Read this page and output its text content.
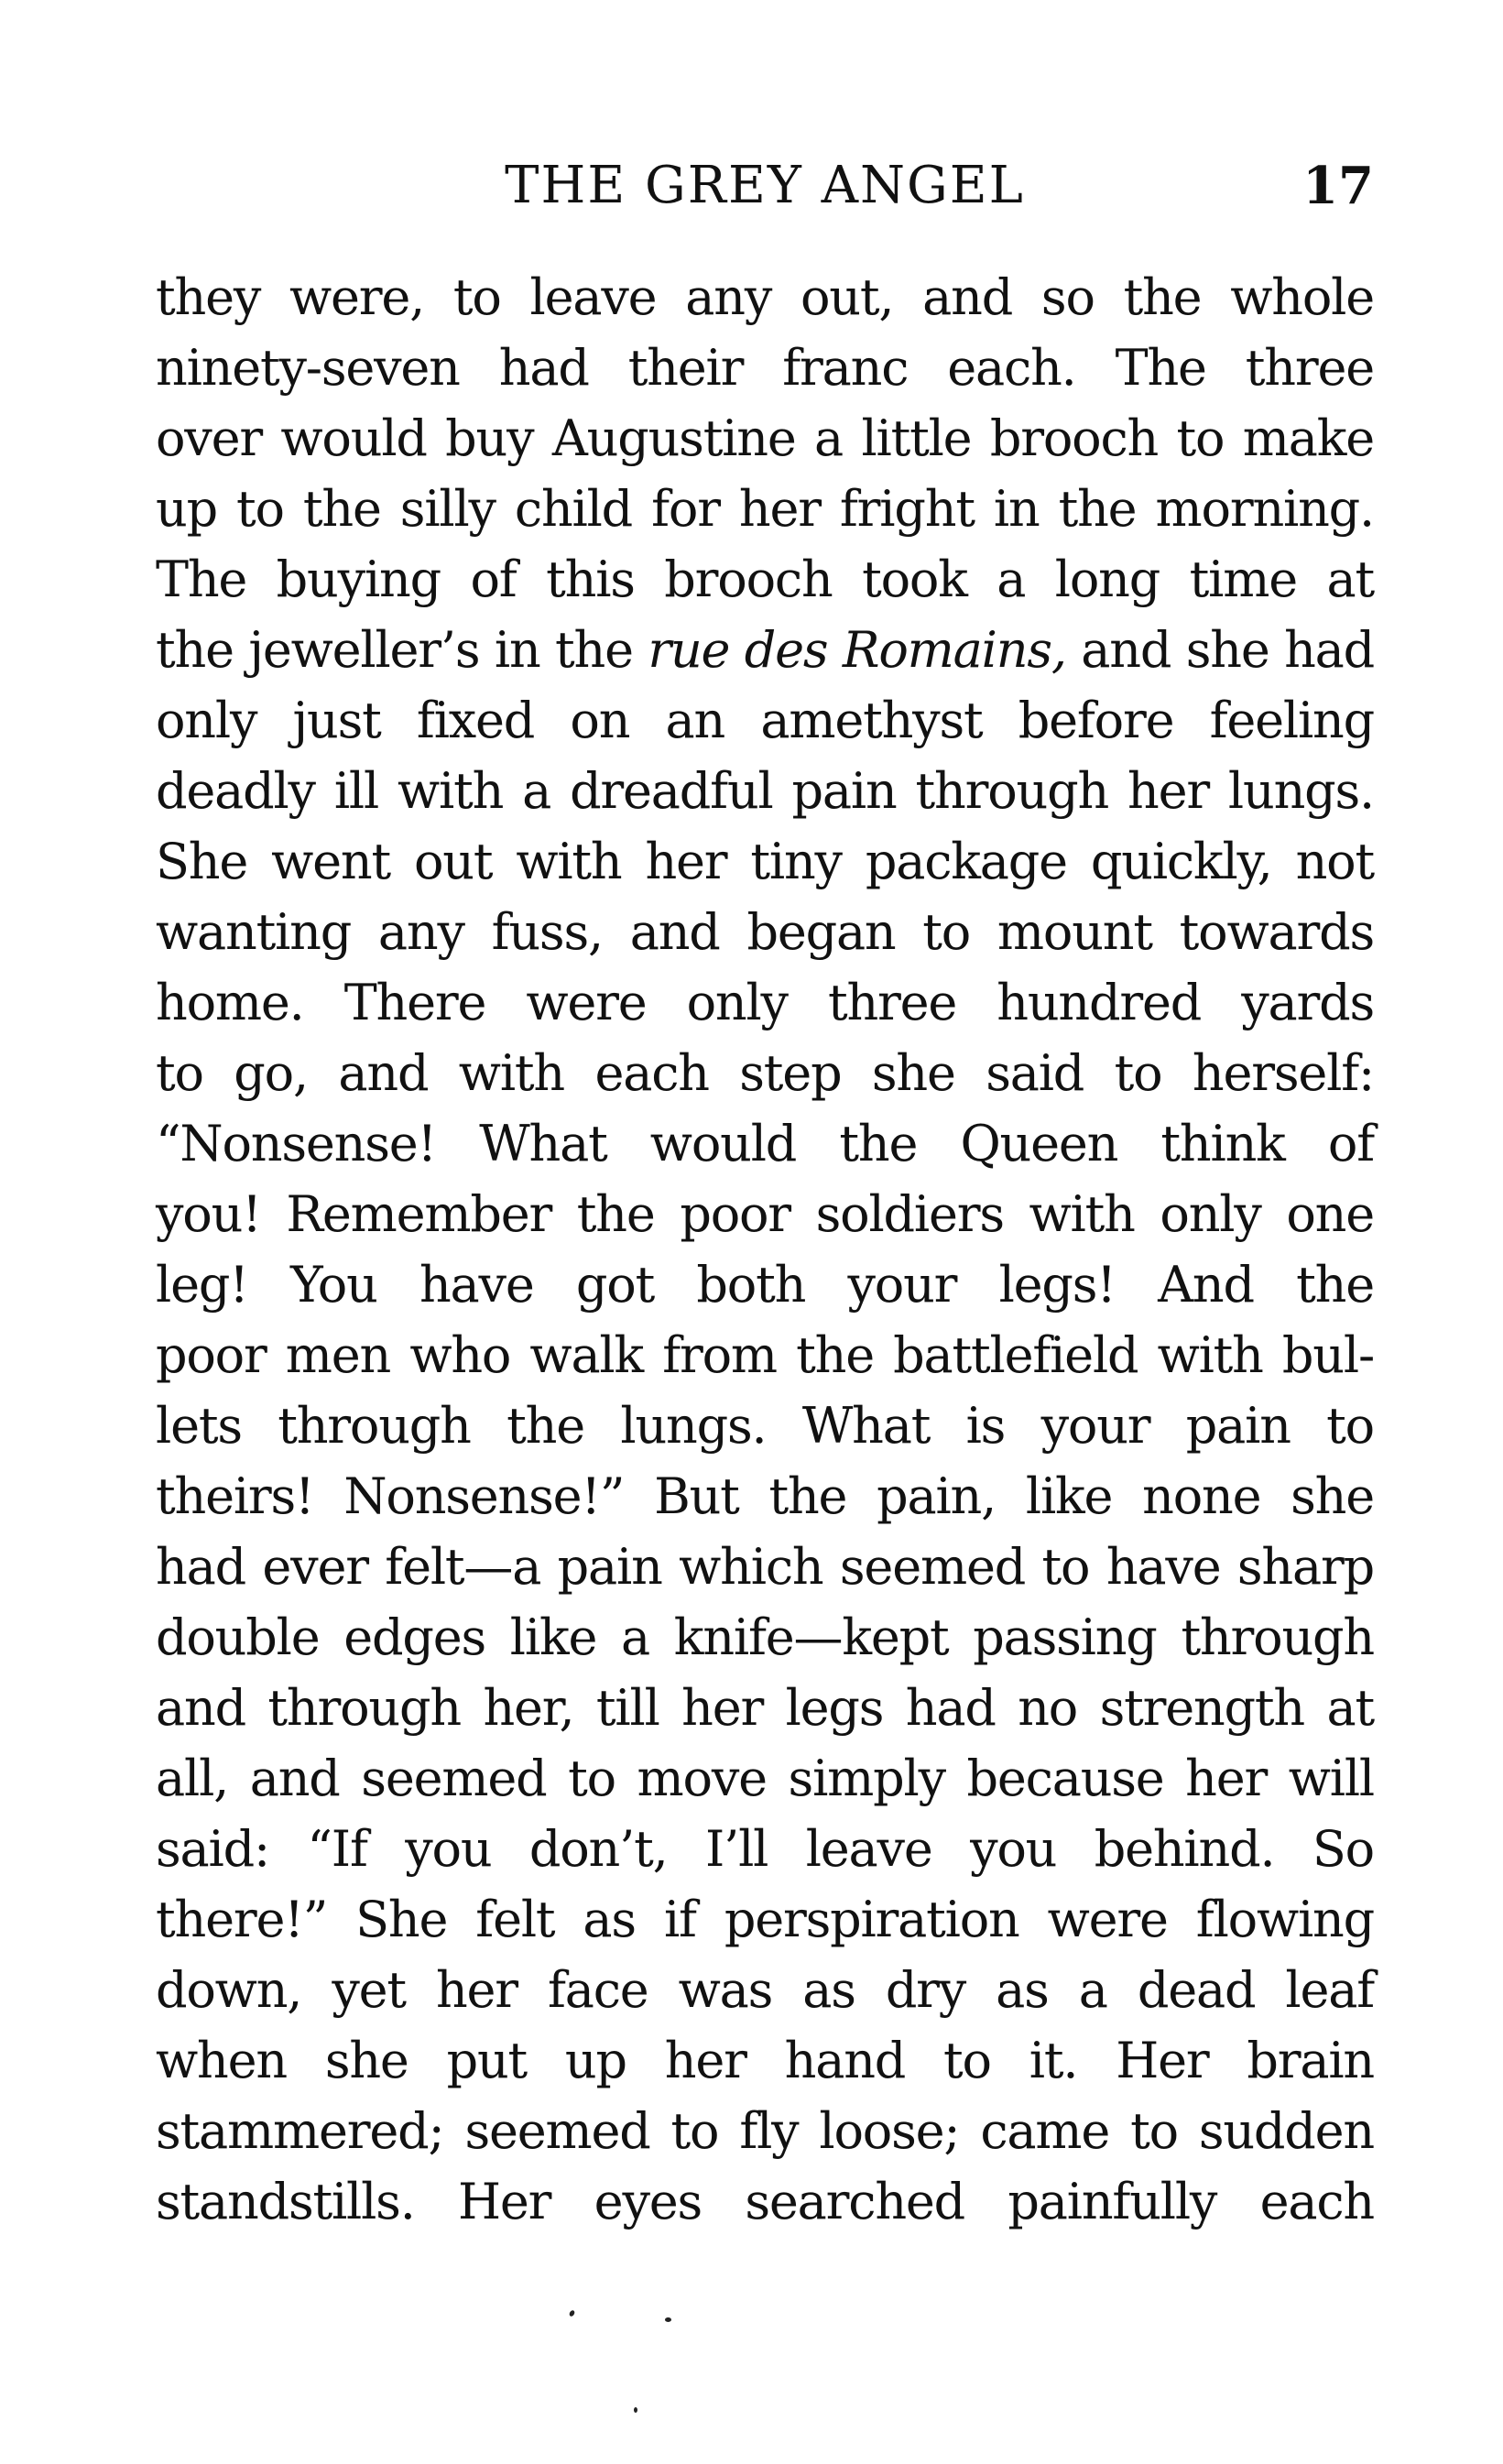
THE GREY ANGEL	17
they were, to leave any out, and so the whole
ninety-seven had their franc each. The three
over would buy Augustine a little brooch to make
up to the silly child for her fright in the morning.
The buying of this brooch took a long time at
the jeweller’s in the rue des Romains, and she had
only just fixed on an amethyst before feeling
deadly ill with a dreadful pain through her lungs.
She went out with her tiny package quickly, not
wanting any fuss, and began to mount towards
home. There were only three hundred yards
to go, and with each step she said to herself:
“Nonsense! What would the Queen think of
you! Remember the poor soldiers with only one
leg! You have got both your legs! And the
poor men who walk from the battlefield with bul-
lets through the lungs. What is your pain to
theirs! Nonsense!” But the pain, like none she
had ever felt—a pain which seemed to have sharp
double edges like a knife—kept passing through
and through her, till her legs had no strength at
all, and seemed to move simply because her will
said: “If you don’t, I’ll leave you behind. So
there!” She felt as if perspiration were flowing
down, yet her face was as dry as a dead leaf
when she put up her hand to it. Her brain
stammered; seemed to fly loose; came to sudden
standstills. Her eyes searched painfully each
